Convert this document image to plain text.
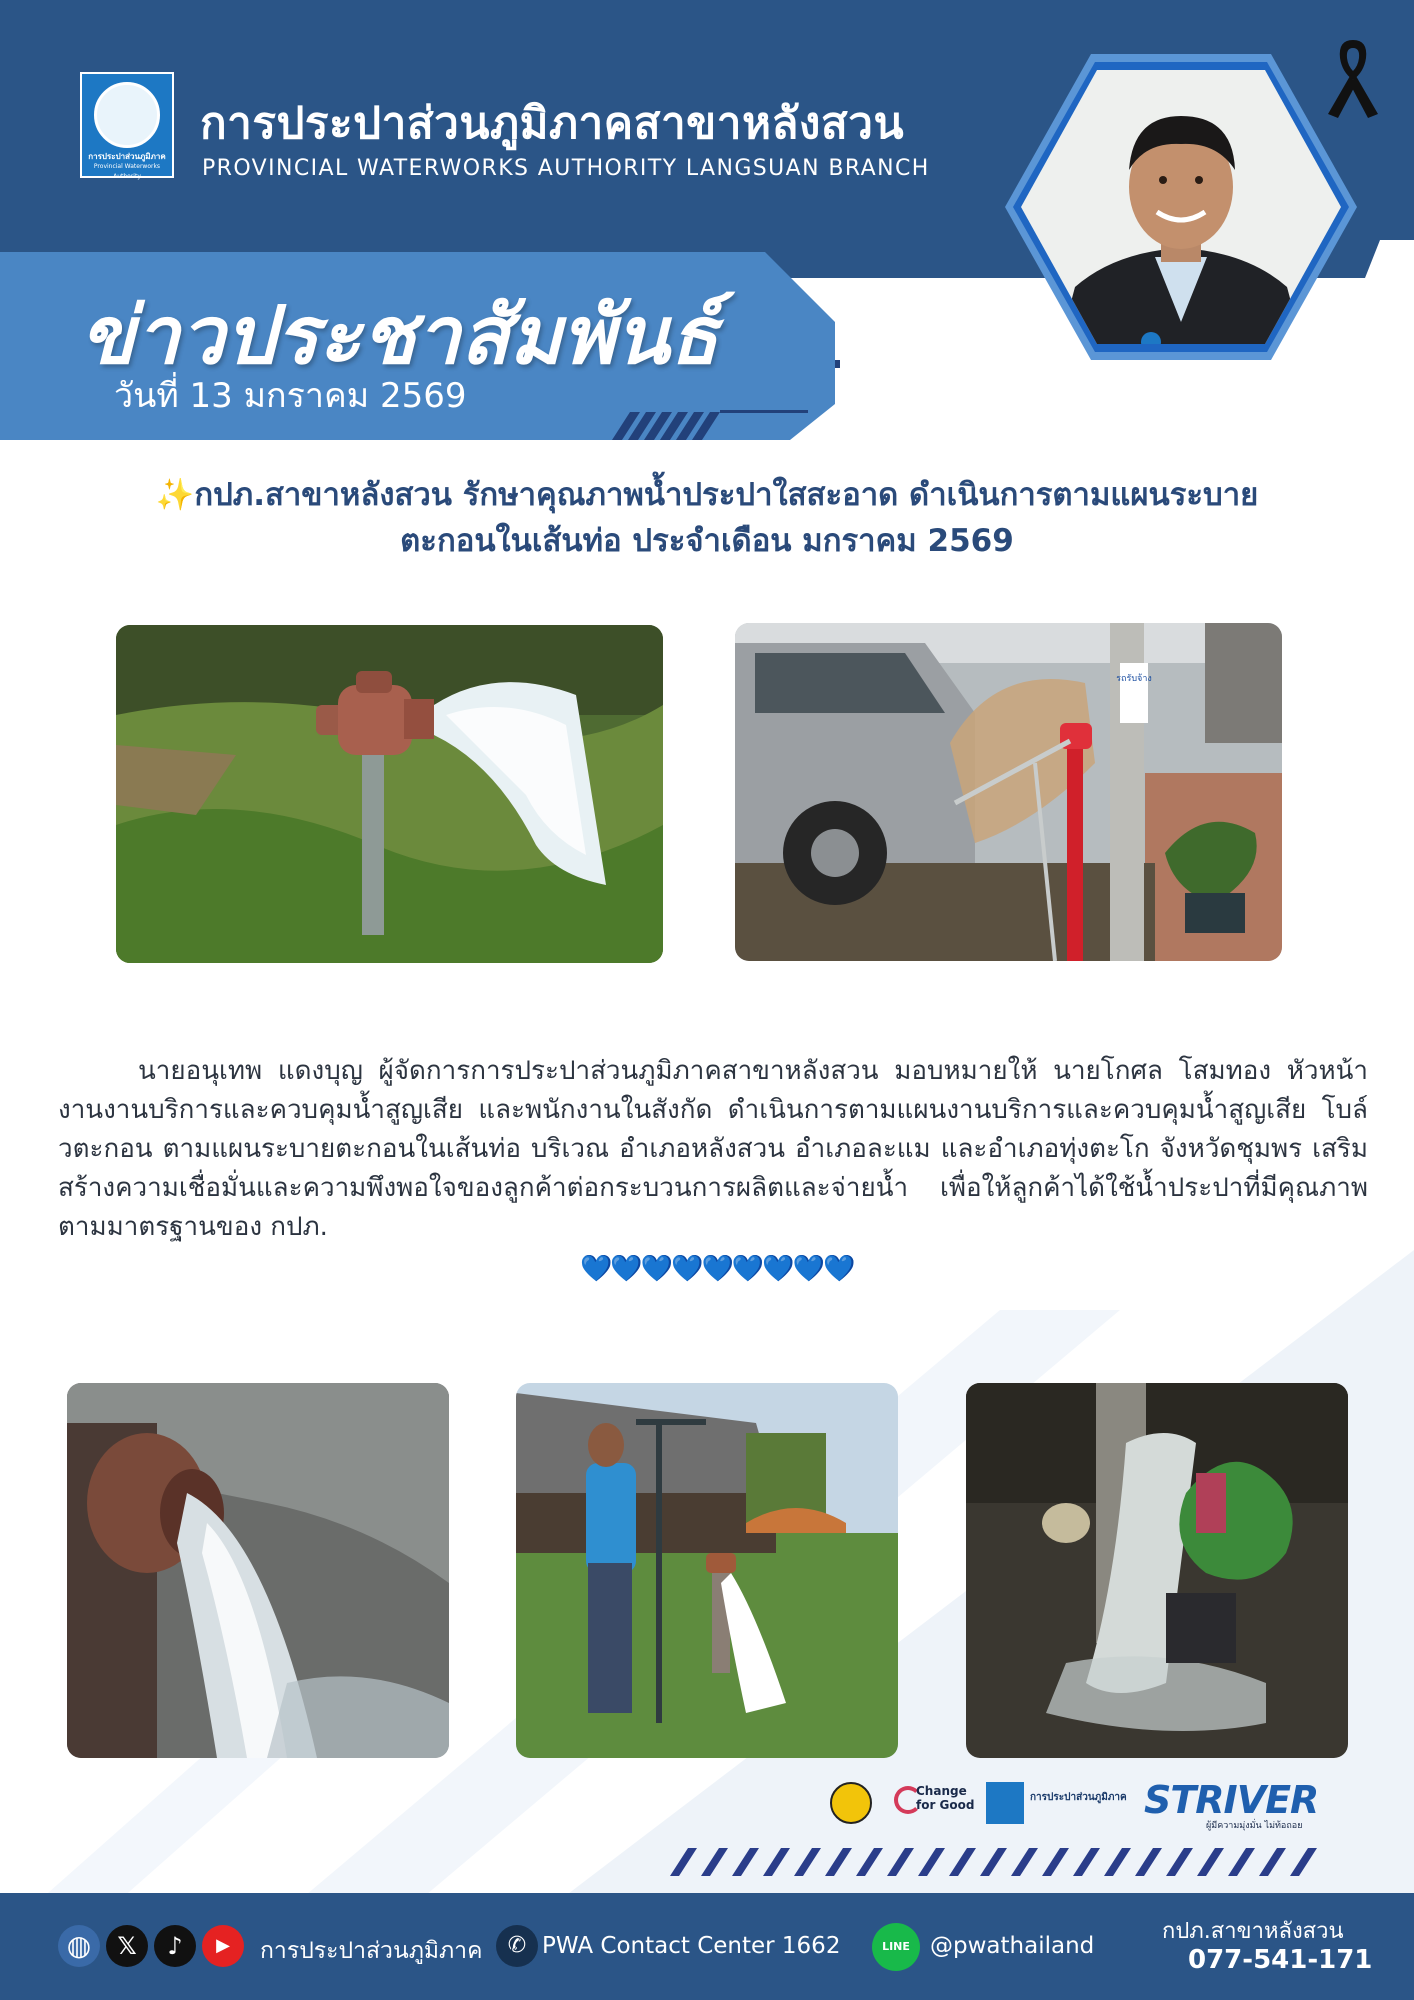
การประปาส่วนภูมิภาค
Provincial Waterworks Authority
การประปาส่วนภูมิภาคสาขาหลังสวน
PROVINCIAL WATERWORKS AUTHORITY LANGSUAN BRANCH
ข่าวประชาสัมพันธ์
วันที่ 13 มกราคม 2569
✨กปภ.สาขาหลังสวน รักษาคุณภาพน้ำประปาใสสะอาด ดำเนินการตามแผนระบาย
ตะกอนในเส้นท่อ ประจำเดือน มกราคม 2569
รถรับจ้าง
นายอนุเทพ แดงบุญ ผู้จัดการการประปาส่วนภูมิภาคสาขาหลังสวน มอบหมายให้ นายโกศล โสมทอง หัวหน้างานงานบริการและควบคุมน้ำสูญเสีย และพนักงานในสังกัด ดำเนินการตามแผนงานบริการและควบคุมน้ำสูญเสีย โบล์วตะกอน ตามแผนระบายตะกอนในเส้นท่อ บริเวณ อำเภอหลังสวน อำเภอละแม และอำเภอทุ่งตะโก จังหวัดชุมพร เสริมสร้างความเชื่อมั่นและความพึงพอใจของลูกค้าต่อกระบวนการผลิตและจ่ายน้ำ เพื่อให้ลูกค้าได้ใช้น้ำประปาที่มีคุณภาพ ตามมาตรฐานของ กปภ.
💙💙💙💙💙💙💙💙💙
Change for Good
การประปาส่วนภูมิภาค STRIVER
ผู้มีความมุ่งมั่น ไม่ท้อถอย
◍	𝕏	♪	▶	การประปาส่วนภูมิภาค	✆ PWA Contact Center 1662	LINE @pwathailand
กปภ.สาขาหลังสวน
077-541-171
